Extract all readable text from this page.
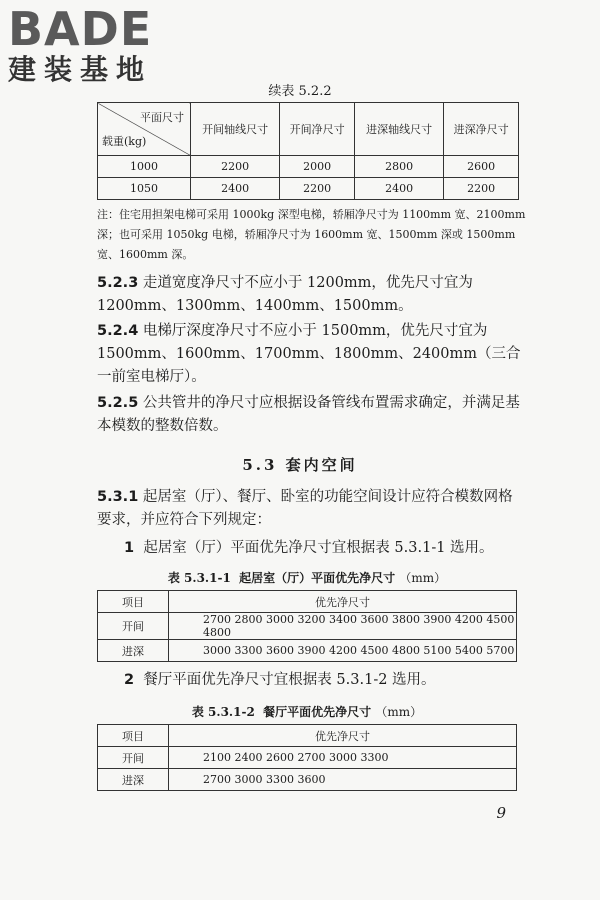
BADE
建装基地
续表 5.2.2
平面尺寸
载重(kg)	开间轴线尺寸	开间净尺寸	进深轴线尺寸	进深净尺寸
1000	2200	2000	2800	2600
1050	2400	2200	2400	2200
注：住宅用担架电梯可采用 1000kg 深型电梯，轿厢净尺寸为 1100mm 宽、2100mm深；也可采用 1050kg 电梯，轿厢净尺寸为 1600mm 宽、1500mm 深或 1500mm 宽、1600mm 深。
5.2.3 走道宽度净尺寸不应小于 1200mm，优先尺寸宜为 1200mm、1300mm、1400mm、1500mm。
5.2.4 电梯厅深度净尺寸不应小于 1500mm，优先尺寸宜为 1500mm、1600mm、1700mm、1800mm、2400mm（三合一前室电梯厅）。
5.2.5 公共管井的净尺寸应根据设备管线布置需求确定，并满足基本模数的整数倍数。
5.3 套内空间
5.3.1 起居室（厅）、餐厅、卧室的功能空间设计应符合模数网格要求，并应符合下列规定：
1 起居室（厅）平面优先净尺寸宜根据表 5.3.1-1 选用。
表 5.3.1-1 起居室（厅）平面优先净尺寸 （mm）
项目	优先净尺寸
开间	2700 2800 3000 3200 3400 3600 3800 3900 4200 4500 4800
进深	3000 3300 3600 3900 4200 4500 4800 5100 5400 5700
2 餐厅平面优先净尺寸宜根据表 5.3.1-2 选用。
表 5.3.1-2 餐厅平面优先净尺寸 （mm）
项目	优先净尺寸
开间	2100 2400 2600 2700 3000 3300
进深	2700 3000 3300 3600
9
